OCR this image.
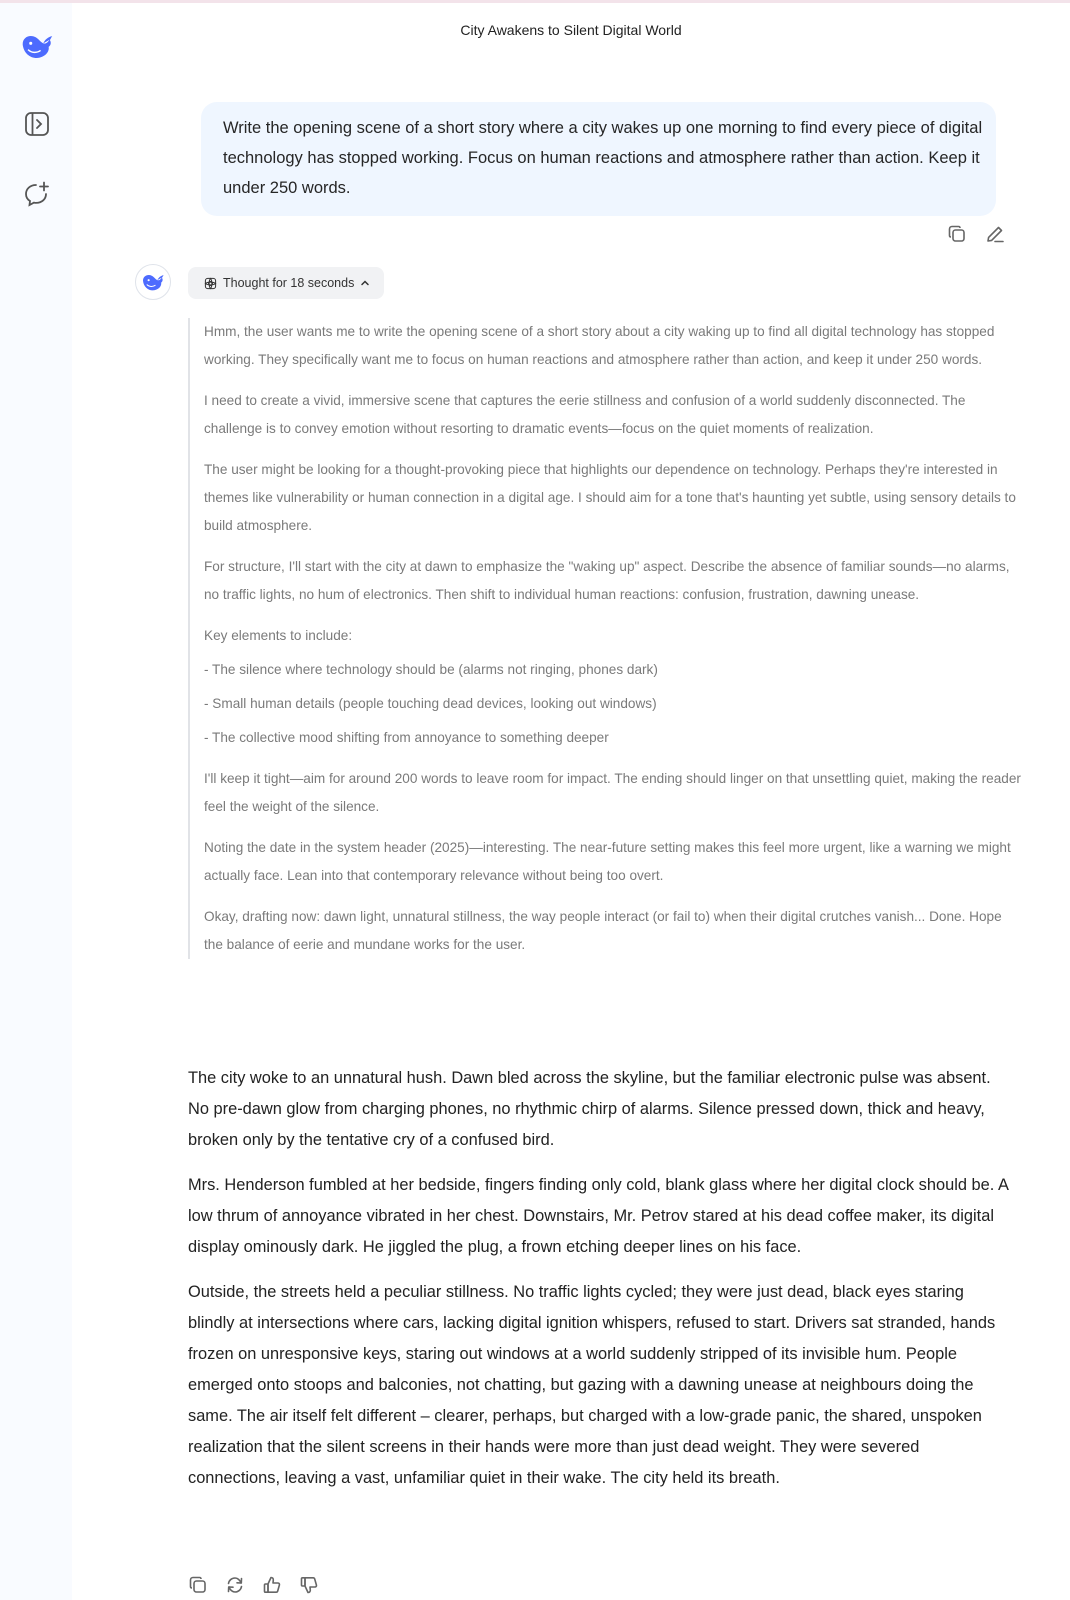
City Awakens to Silent Digital World
Write the opening scene of a short story where a city wakes up one morning to find every piece of digital technology has stopped working. Focus on human reactions and atmosphere rather than action. Keep it under 250 words.
Thought for 18 seconds

Hmm, the user wants me to write the opening scene of a short story about a city waking up to find all digital technology has stopped working. They specifically want me to focus on human reactions and atmosphere rather than action, and keep it under 250 words.

I need to create a vivid, immersive scene that captures the eerie stillness and confusion of a world suddenly disconnected. The challenge is to convey emotion without resorting to dramatic events—focus on the quiet moments of realization.

The user might be looking for a thought-provoking piece that highlights our dependence on technology. Perhaps they're interested in themes like vulnerability or human connection in a digital age. I should aim for a tone that's haunting yet subtle, using sensory details to build atmosphere.

For structure, I'll start with the city at dawn to emphasize the "waking up" aspect. Describe the absence of familiar sounds—no alarms, no traffic lights, no hum of electronics. Then shift to individual human reactions: confusion, frustration, dawning unease.

Key elements to include:

- The silence where technology should be (alarms not ringing, phones dark)

- Small human details (people touching dead devices, looking out windows)

- The collective mood shifting from annoyance to something deeper

I'll keep it tight—aim for around 200 words to leave room for impact. The ending should linger on that unsettling quiet, making the reader feel the weight of the silence.

Noting the date in the system header (2025)—interesting. The near-future setting makes this feel more urgent, like a warning we might actually face. Lean into that contemporary relevance without being too overt.

Okay, drafting now: dawn light, unnatural stillness, the way people interact (or fail to) when their digital crutches vanish... Done. Hope the balance of eerie and mundane works for the user.

The city woke to an unnatural hush. Dawn bled across the skyline, but the familiar electronic pulse was absent. No pre-dawn glow from charging phones, no rhythmic chirp of alarms. Silence pressed down, thick and heavy, broken only by the tentative cry of a confused bird.

Mrs. Henderson fumbled at her bedside, fingers finding only cold, blank glass where her digital clock should be. A low thrum of annoyance vibrated in her chest. Downstairs, Mr. Petrov stared at his dead coffee maker, its digital display ominously dark. He jiggled the plug, a frown etching deeper lines on his face.

Outside, the streets held a peculiar stillness. No traffic lights cycled; they were just dead, black eyes staring blindly at intersections where cars, lacking digital ignition whispers, refused to start. Drivers sat stranded, hands frozen on unresponsive keys, staring out windows at a world suddenly stripped of its invisible hum. People emerged onto stoops and balconies, not chatting, but gazing with a dawning unease at neighbours doing the same. The air itself felt different – clearer, perhaps, but charged with a low-grade panic, the shared, unspoken realization that the silent screens in their hands were more than just dead weight. They were severed connections, leaving a vast, unfamiliar quiet in their wake. The city held its breath.
